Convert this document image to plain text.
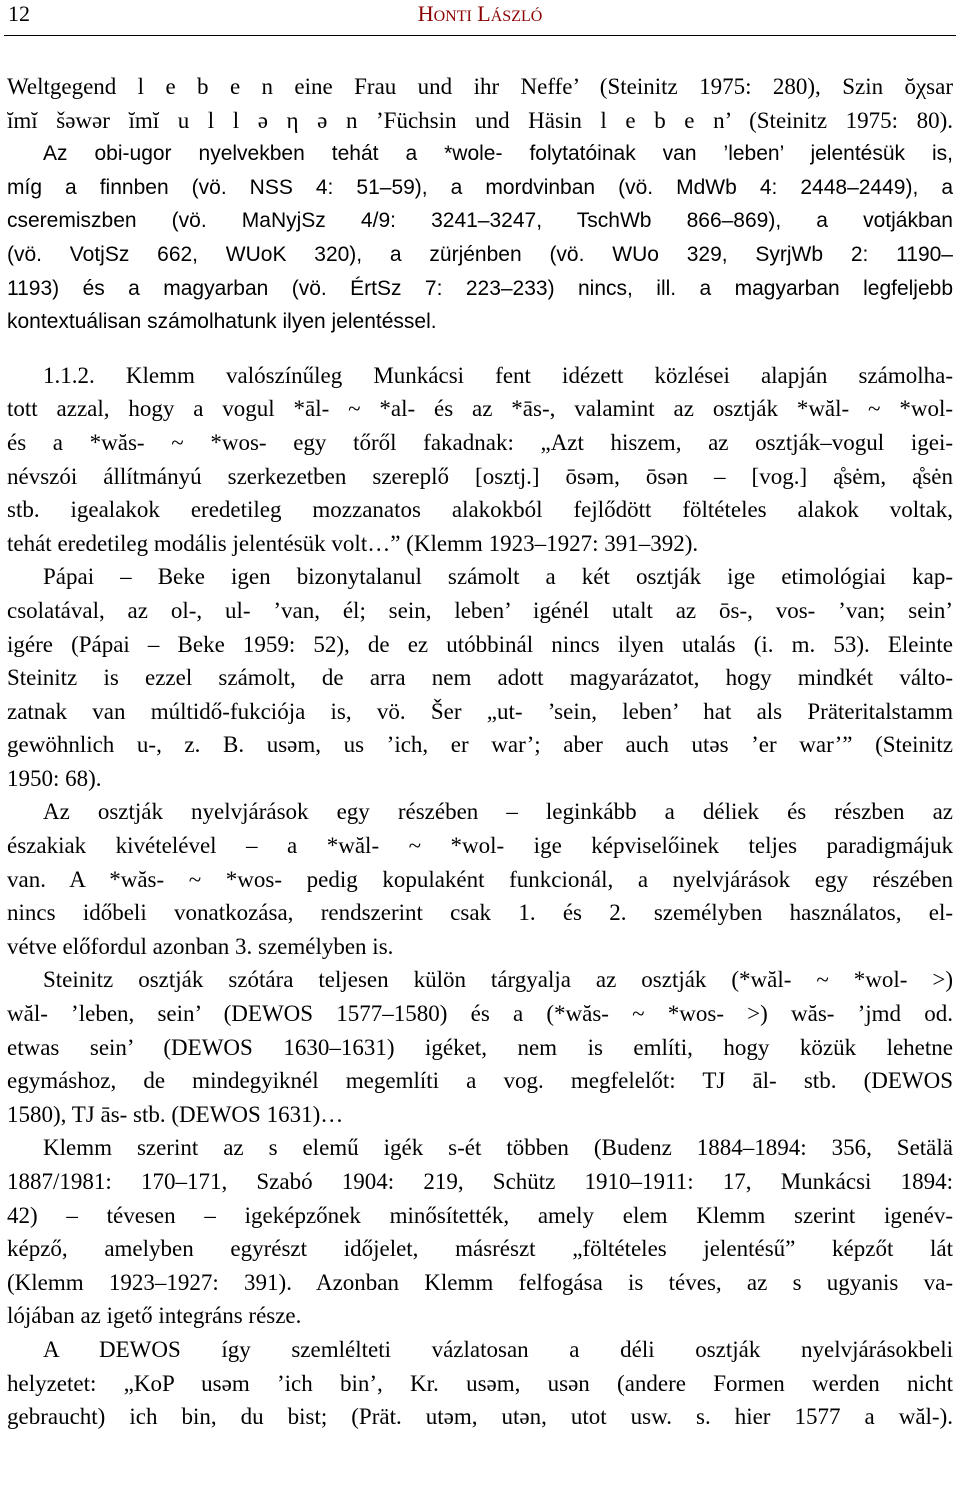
12	HONTI LÁSZLÓ
Weltgegend l e b e n eine Frau und ihr Neffe’ (Steinitz 1975: 280), Szin ŏχsar
ĭmĭ šəwər ĭmĭ u l l ə η ə n ’Füchsin und Häsin l e b e n’ (Steinitz 1975: 80).
Az obi-ugor nyelvekben tehát a *wole- folytatóinak van ’leben’ jelentésük is,
míg a finnben (vö. NSS 4: 51–59), a mordvinban (vö. MdWb 4: 2448–2449), a
cseremiszben (vö. MaNyjSz 4/9: 3241–3247, TschWb 866–869), a votjákban
(vö. VotjSz 662, WUoK 320), a zürjénben (vö. WUo 329, SyrjWb 2: 1190–
1193) és a magyarban (vö. ÉrtSz 7: 223–233) nincs, ill. a magyarban legfeljebb
kontextuálisan számolhatunk ilyen jelentéssel.
1.1.2. Klemm valószínűleg Munkácsi fent idézett közlései alapján számolha-
tott azzal, hogy a vogul *āl- ~ *al- és az *ās-, valamint az osztják *wăl- ~ *wol-
és a *wăs- ~ *wos- egy tőről fakadnak: „Azt hiszem, az osztják–vogul igei-
névszói állítmányú szerkezetben szereplő [osztj.] ōsəm, ōsən – [vog.] ą̊sėm, ą̊sėn
stb. igealakok eredetileg mozzanatos alakokból fejlődött föltételes alakok voltak,
tehát eredetileg modális jelentésük volt…” (Klemm 1923–1927: 391–392).
Pápai – Beke igen bizonytalanul számolt a két osztják ige etimológiai kap-
csolatával, az ol-, ul- ’van, él; sein, leben’ igénél utalt az ōs-, vos- ’van; sein’
igére (Pápai – Beke 1959: 52), de ez utóbbinál nincs ilyen utalás (i. m. 53). Eleinte
Steinitz is ezzel számolt, de arra nem adott magyarázatot, hogy mindkét válto-
zatnak van múltidő-fukciója is, vö. Šer „ut- ’sein, leben’ hat als Präteritalstamm
gewöhnlich u-, z. B. usəm, us ’ich, er war’; aber auch utəs ’er war’” (Steinitz
1950: 68).
Az osztják nyelvjárások egy részében – leginkább a déliek és részben az
északiak kivételével – a *wăl- ~ *wol- ige képviselőinek teljes paradigmájuk
van. A *wăs- ~ *wos- pedig kopulaként funkcionál, a nyelvjárások egy részében
nincs időbeli vonatkozása, rendszerint csak 1. és 2. személyben használatos, el-
vétve előfordul azonban 3. személyben is.
Steinitz osztják szótára teljesen külön tárgyalja az osztják (*wăl- ~ *wol- >)
wăl- ’leben, sein’ (DEWOS 1577–1580) és a (*wăs- ~ *wos- >) wăs- ’jmd od.
etwas sein’ (DEWOS 1630–1631) igéket, nem is említi, hogy közük lehetne
egymáshoz, de mindegyiknél megemlíti a vog. megfelelőt: TJ āl- stb. (DEWOS
1580), TJ ās- stb. (DEWOS 1631)…
Klemm szerint az s elemű igék s-ét többen (Budenz 1884–1894: 356, Setälä
1887/1981: 170–171, Szabó 1904: 219, Schütz 1910–1911: 17, Munkácsi 1894:
42) – tévesen – igeképzőnek minősítették, amely elem Klemm szerint igenév-
képző, amelyben egyrészt időjelet, másrészt „föltételes jelentésű” képzőt lát
(Klemm 1923–1927: 391). Azonban Klemm felfogása is téves, az s ugyanis va-
lójában az igető integráns része.
A DEWOS így szemlélteti vázlatosan a déli osztják nyelvjárásokbeli
helyzetet: „KoP usəm ’ich bin’, Kr. usəm, usən (andere Formen werden nicht
gebraucht) ich bin, du bist; (Prät. utəm, utən, utot usw. s. hier 1577 a wăl-).
